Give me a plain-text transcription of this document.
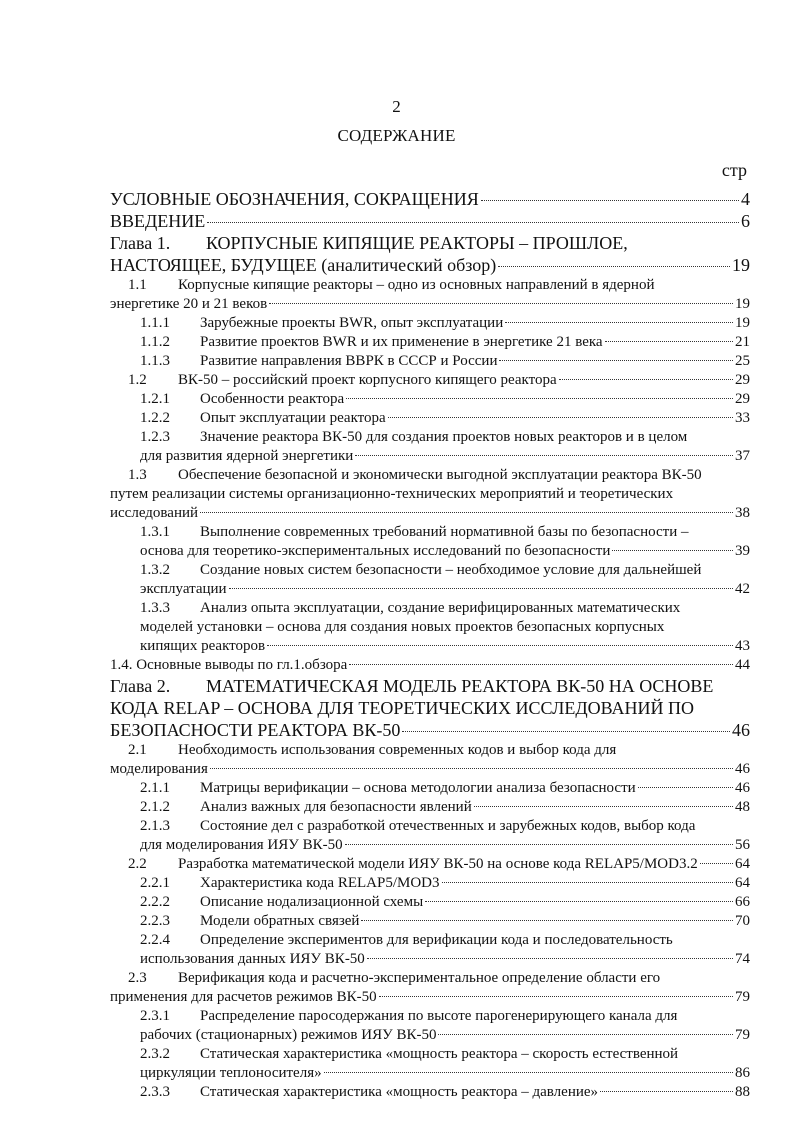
2
СОДЕРЖАНИЕ
стр
УСЛОВНЫЕ ОБОЗНАЧЕНИЯ, СОКРАЩЕНИЯ	4
ВВЕДЕНИЕ	6
Глава 1.	КОРПУСНЫЕ КИПЯЩИЕ РЕАКТОРЫ – ПРОШЛОЕ,
НАСТОЯЩЕЕ, БУДУЩЕЕ (аналитический обзор)	19
1.1	Корпусные кипящие реакторы – одно из основных направлений в ядерной
энергетике 20 и 21 веков	19
1.1.1	Зарубежные проекты BWR, опыт эксплуатации	19
1.1.2	Развитие проектов BWR и их применение в энергетике 21 века	21
1.1.3	Развитие направления ВВРК в СССР и России	25
1.2	ВК-50 – российский проект корпусного кипящего реактора	29
1.2.1	Особенности реактора	29
1.2.2	Опыт эксплуатации реактора	33
1.2.3	Значение реактора ВК-50 для создания проектов новых реакторов и в целом
для развития ядерной энергетики	37
1.3	Обеспечение безопасной и экономически выгодной эксплуатации реактора ВК-50
путем реализации системы организационно-технических мероприятий и теоретических
исследований	38
1.3.1	Выполнение современных требований нормативной базы по безопасности –
основа для теоретико-экспериментальных исследований по безопасности	39
1.3.2	Создание новых систем безопасности – необходимое условие для дальнейшей
эксплуатации	42
1.3.3	Анализ опыта эксплуатации, создание верифицированных математических
моделей установки – основа для создания новых проектов безопасных корпусных
кипящих реакторов	43
1.4. Основные выводы по гл.1.обзора	44
Глава 2.	МАТЕМАТИЧЕСКАЯ МОДЕЛЬ РЕАКТОРА ВК-50 НА ОСНОВЕ
КОДА RELAP – ОСНОВА ДЛЯ ТЕОРЕТИЧЕСКИХ ИССЛЕДОВАНИЙ ПО
БЕЗОПАСНОСТИ РЕАКТОРА ВК-50	46
2.1	Необходимость использования современных кодов и выбор кода для
моделирования	46
2.1.1	Матрицы верификации – основа методологии анализа безопасности	46
2.1.2	Анализ важных для безопасности явлений	48
2.1.3	Состояние дел с разработкой отечественных и зарубежных кодов, выбор кода
для моделирования ИЯУ ВК-50	56
2.2	Разработка математической модели ИЯУ ВК-50 на основе кода RELAP5/MOD3.2 64
2.2.1	Характеристика кода RELAP5/MOD3	64
2.2.2	Описание нодализационной схемы	66
2.2.3	Модели обратных связей	70
2.2.4	Определение экспериментов для верификации кода и последовательность
использования данных ИЯУ ВК-50	74
2.3	Верификация кода и расчетно-экспериментальное определение области его
применения для расчетов режимов ВК-50	79
2.3.1	Распределение паросодержания по высоте парогенерирующего канала для
рабочих (стационарных) режимов ИЯУ ВК-50	79
2.3.2	Статическая характеристика «мощность реактора – скорость естественной
циркуляции теплоносителя»	86
2.3.3	Статическая характеристика «мощность реактора – давление»	88
